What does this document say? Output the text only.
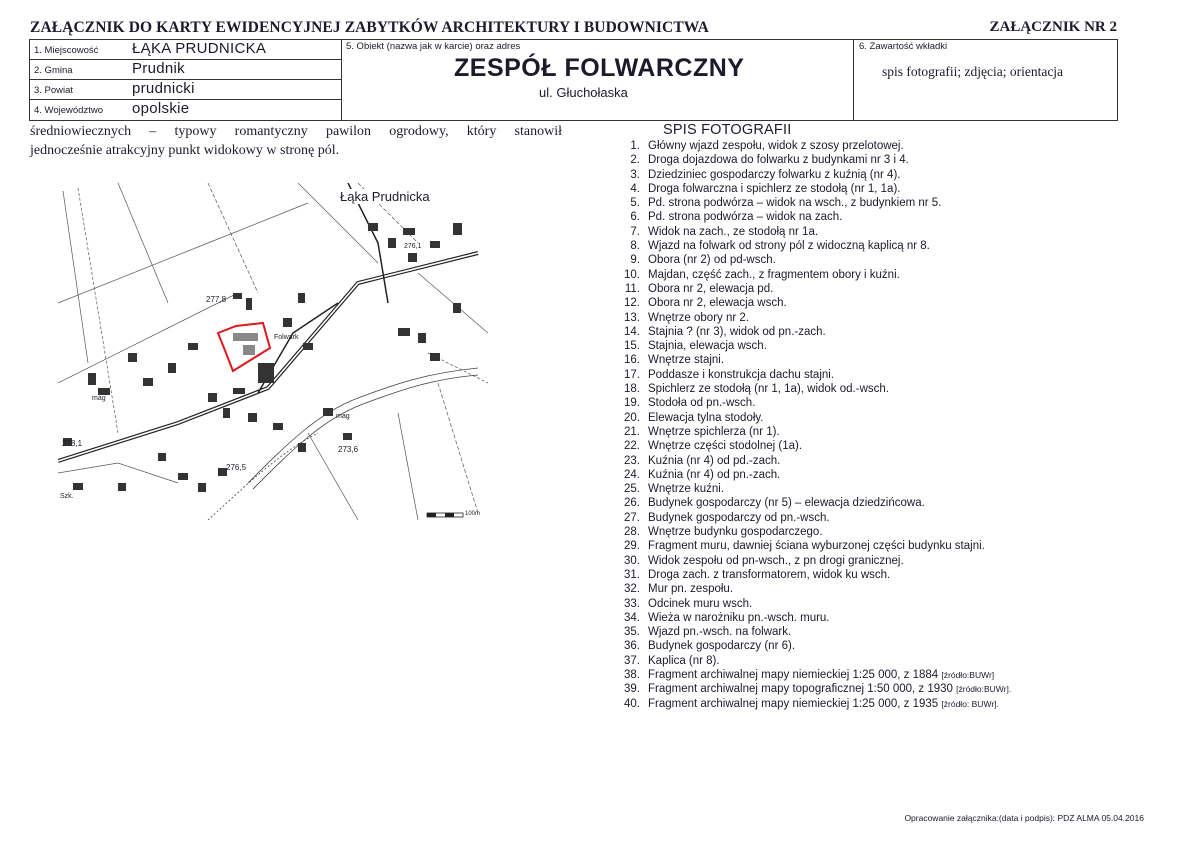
ZAŁĄCZNIK DO KARTY EWIDENCYJNEJ ZABYTKÓW ARCHITEKTURY I BUDOWNICTWA	ZAŁĄCZNIK NR 2
1. Miejscowość ŁĄKA PRUDNICKA
2. Gmina	Prudnik
3. Powiat	prudnicki
4. Województwo opolskie
5. Obiekt (nazwa jak w karcie) oraz adres
ZESPÓŁ FOLWARCZNY
ul. Głuchołaska
6. Zawartość wkładki
spis fotografii; zdjęcia; orientacja
średniowiecznych – typowy romantyczny pawilon ogrodowy, który stanowił
jednocześnie atrakcyjny punkt widokowy w stronę pól.
277,8
Folwark
276,1
mag
276,5
273,6
278,1
mag
Szk.
100m
Łąka Prudnicka
SPIS FOTOGRAFII
1. Główny wjazd zespołu, widok z szosy przelotowej.
2. Droga dojazdowa do folwarku z budynkami nr 3 i 4.
3. Dziedziniec gospodarczy folwarku z kuźnią (nr 4).
4. Droga folwarczna i spichlerz ze stodołą (nr 1, 1a).
5. Pd. strona podwórza – widok na wsch., z budynkiem nr 5.
6. Pd. strona podwórza – widok na zach.
7. Widok na zach., ze stodołą nr 1a.
8. Wjazd na folwark od strony pól z widoczną kaplicą nr 8.
9. Obora (nr 2) od pd-wsch.
10. Majdan, część zach., z fragmentem obory i kuźni.
11. Obora nr 2, elewacja pd.
12. Obora nr 2, elewacja wsch.
13. Wnętrze obory nr 2.
14. Stajnia ? (nr 3), widok od pn.-zach.
15. Stajnia, elewacja wsch.
16. Wnętrze stajni.
17. Poddasze i konstrukcja dachu stajni.
18. Spichlerz ze stodołą (nr 1, 1a), widok od.-wsch.
19. Stodoła od pn.-wsch.
20. Elewacja tylna stodoły.
21. Wnętrze spichlerza (nr 1).
22. Wnętrze części stodolnej (1a).
23. Kuźnia (nr 4) od pd.-zach.
24. Kuźnia (nr 4) od pn.-zach.
25. Wnętrze kuźni.
26. Budynek gospodarczy (nr 5) – elewacja dziedzińcowa.
27. Budynek gospodarczy od pn.-wsch.
28. Wnętrze budynku gospodarczego.
29. Fragment muru, dawniej ściana wyburzonej części budynku stajni.
30. Widok zespołu od pn-wsch., z pn drogi granicznej.
31. Droga zach. z transformatorem, widok ku wsch.
32. Mur pn. zespołu.
33. Odcinek muru wsch.
34. Wieża w narożniku pn.-wsch. muru.
35. Wjazd pn.-wsch. na folwark.
36. Budynek gospodarczy (nr 6).
37. Kaplica (nr 8).
38. Fragment archiwalnej mapy niemieckiej 1:25 000, z 1884 [źródło:BUWr]
39. Fragment archiwalnej mapy topograficznej 1:50 000, z 1930 [źródło:BUWr].
40. Fragment archiwalnej mapy niemieckiej 1:25 000, z 1935 [źródło: BUWr].
Opracowanie załącznika:(data i podpis): PDZ ALMA 05.04.2016
